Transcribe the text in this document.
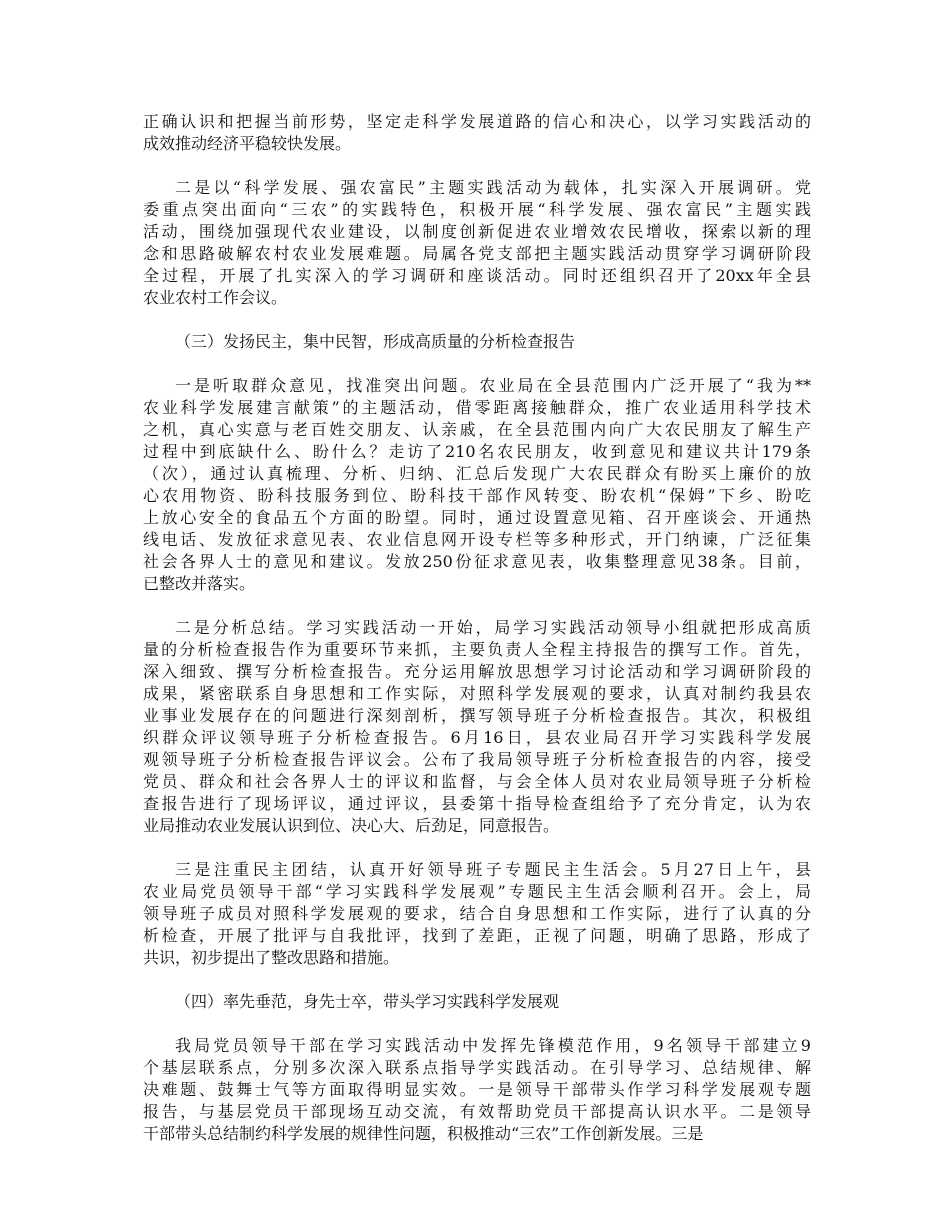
正确认识和把握当前形势，坚定走科学发展道路的信心和决心，以学习实践活动的
成效推动经济平稳较快发展。
二是以“科学发展、强农富民”主题实践活动为载体，扎实深入开展调研。党
委重点突出面向“三农”的实践特色，积极开展“科学发展、强农富民”主题实践
活动，围绕加强现代农业建设，以制度创新促进农业增效农民增收，探索以新的理
念和思路破解农村农业发展难题。局属各党支部把主题实践活动贯穿学习调研阶段
全过程，开展了扎实深入的学习调研和座谈活动。同时还组织召开了20xx年全县
农业农村工作会议。
（三）发扬民主，集中民智，形成高质量的分析检查报告
一是听取群众意见，找准突出问题。农业局在全县范围内广泛开展了“我为**
农业科学发展建言献策”的主题活动，借零距离接触群众，推广农业适用科学技术
之机，真心实意与老百姓交朋友、认亲戚，在全县范围内向广大农民朋友了解生产
过程中到底缺什么、盼什么？走访了210名农民朋友，收到意见和建议共计179条
（次），通过认真梳理、分析、归纳、汇总后发现广大农民群众有盼买上廉价的放
心农用物资、盼科技服务到位、盼科技干部作风转变、盼农机“保姆”下乡、盼吃
上放心安全的食品五个方面的盼望。同时，通过设置意见箱、召开座谈会、开通热
线电话、发放征求意见表、农业信息网开设专栏等多种形式，开门纳谏，广泛征集
社会各界人士的意见和建议。发放250份征求意见表，收集整理意见38条。目前，
已整改并落实。
二是分析总结。学习实践活动一开始，局学习实践活动领导小组就把形成高质
量的分析检查报告作为重要环节来抓，主要负责人全程主持报告的撰写工作。首先，
深入细致、撰写分析检查报告。充分运用解放思想学习讨论活动和学习调研阶段的
成果，紧密联系自身思想和工作实际，对照科学发展观的要求，认真对制约我县农
业事业发展存在的问题进行深刻剖析，撰写领导班子分析检查报告。其次，积极组
织群众评议领导班子分析检查报告。6月16日，县农业局召开学习实践科学发展
观领导班子分析检查报告评议会。公布了我局领导班子分析检查报告的内容，接受
党员、群众和社会各界人士的评议和监督，与会全体人员对农业局领导班子分析检
查报告进行了现场评议，通过评议，县委第十指导检查组给予了充分肯定，认为农
业局推动农业发展认识到位、决心大、后劲足，同意报告。
三是注重民主团结，认真开好领导班子专题民主生活会。5月27日上午，县
农业局党员领导干部“学习实践科学发展观”专题民主生活会顺利召开。会上，局
领导班子成员对照科学发展观的要求，结合自身思想和工作实际，进行了认真的分
析检查，开展了批评与自我批评，找到了差距，正视了问题，明确了思路，形成了
共识，初步提出了整改思路和措施。
（四）率先垂范，身先士卒，带头学习实践科学发展观
我局党员领导干部在学习实践活动中发挥先锋模范作用，9名领导干部建立9
个基层联系点，分别多次深入联系点指导学实践活动。在引导学习、总结规律、解
决难题、鼓舞士气等方面取得明显实效。一是领导干部带头作学习科学发展观专题
报告，与基层党员干部现场互动交流，有效帮助党员干部提高认识水平。二是领导
干部带头总结制约科学发展的规律性问题，积极推动“三农”工作创新发展。三是
